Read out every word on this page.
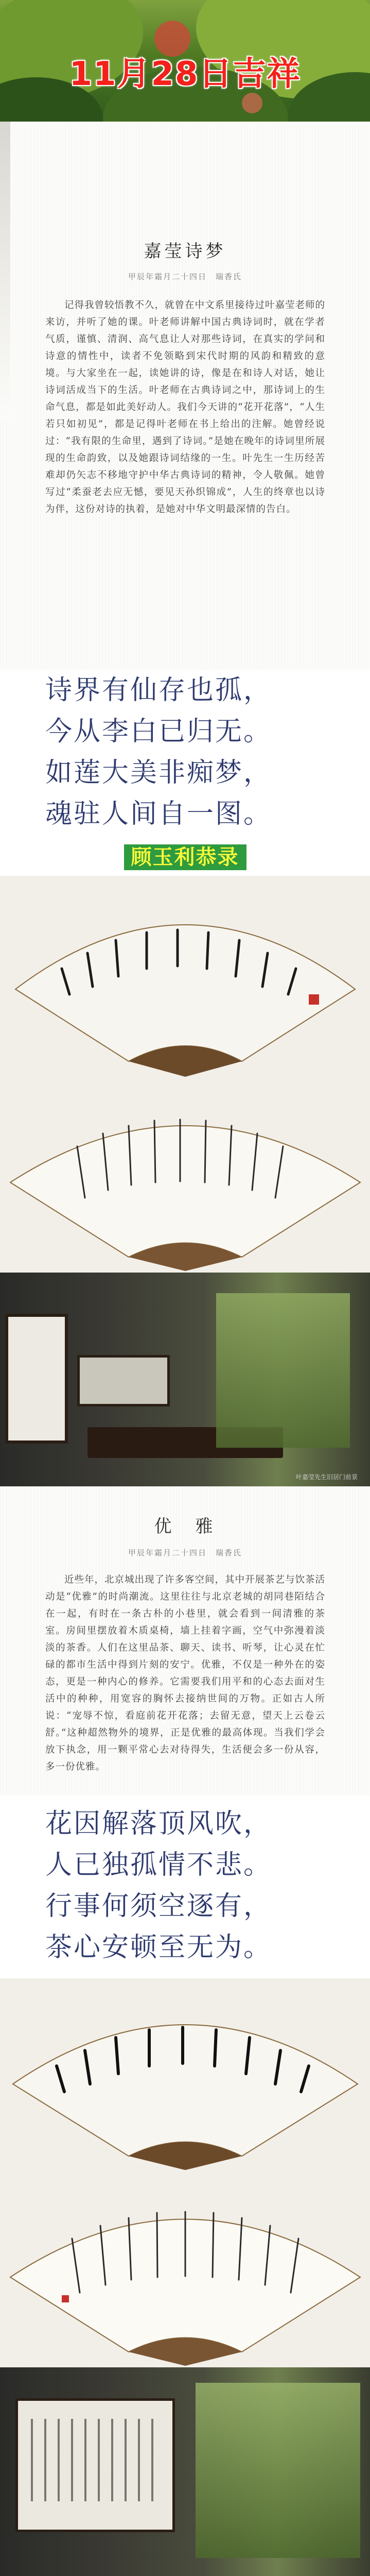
11月28日吉祥
嘉莹诗梦
甲辰年霜月二十四日　瑞香氏
记得我曾较悟教不久，就曾在中文系里接待过叶嘉莹老师的来访，并听了她的课。叶老师讲解中国古典诗词时，就在学者气质，谨慎、清润、高气息让人对那些诗词，在真实的学问和诗意的情性中，读者不免领略到宋代时期的风韵和精致的意境。与大家坐在一起，读她讲的诗，像是在和诗人对话，她让诗词活成当下的生活。叶老师在古典诗词之中，那诗词上的生命气息，都是如此美好动人。我们今天讲的“花开花落”，“人生若只如初见”，都是记得叶老师在书上给出的注解。她曾经说过：“我有限的生命里，遇到了诗词。”是她在晚年的诗词里所展现的生命韵致，以及她跟诗词结缘的一生。叶先生一生历经苦难却仍矢志不移地守护中华古典诗词的精神，令人敬佩。她曾写过“柔蚕老去应无憾，要见天孙织锦成”，人生的终章也以诗为伴，这份对诗的执着，是她对中华文明最深情的告白。
诗界有仙存也孤，
今从李白已归无。
如莲大美非痴梦，
魂驻人间自一图。
顾玉利恭录
叶嘉莹先生旧居门前景
优　雅
甲辰年霜月二十四日　瑞香氏
近些年，北京城出现了许多客空间，其中开展茶艺与饮茶活动是“优雅”的时尚潮流。这里往往与北京老城的胡同巷陌结合在一起，有时在一条古朴的小巷里，就会看到一间清雅的茶室。房间里摆放着木质桌椅，墙上挂着字画，空气中弥漫着淡淡的茶香。人们在这里品茶、聊天、读书、听琴，让心灵在忙碌的都市生活中得到片刻的安宁。优雅，不仅是一种外在的姿态，更是一种内心的修养。它需要我们用平和的心态去面对生活中的种种，用宽容的胸怀去接纳世间的万物。正如古人所说：“宠辱不惊，看庭前花开花落；去留无意，望天上云卷云舒。”这种超然物外的境界，正是优雅的最高体现。当我们学会放下执念，用一颗平常心去对待得失，生活便会多一份从容，多一份优雅。
花因解落顶风吹，
人已独孤情不悲。
行事何须空逐有，
茶心安顿至无为。
